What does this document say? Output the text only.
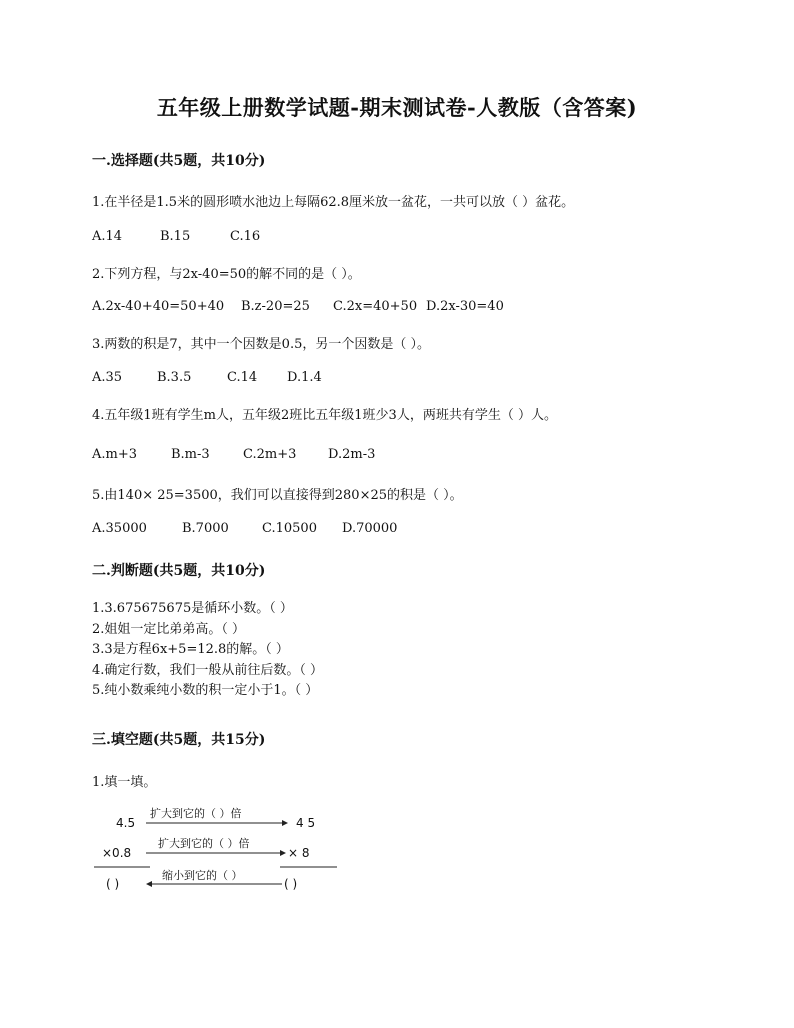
五年级上册数学试题-期末测试卷-人教版（含答案)
一.选择题(共5题，共10分)
1.在半径是1.5米的圆形喷水池边上每隔62.8厘米放一盆花，一共可以放（ ）盆花。
A.14	B.15	C.16
2.下列方程，与2x-40=50的解不同的是（ ）。
A.2x-40+40=50+40 B.z-20=25 C.2x=40+50 D.2x-30=40
3.两数的积是7，其中一个因数是0.5，另一个因数是（ ）。
A.35	B.3.5	C.14 D.1.4
4.五年级1班有学生m人，五年级2班比五年级1班少3人，两班共有学生（ ）人。
A.m+3	B.m-3	C.2m+3 D.2m-3
5.由140× 25=3500，我们可以直接得到280×25的积是（ ）。
A.35000	B.7000	C.10500 D.70000
二.判断题(共5题，共10分)
1.3.675675675是循环小数。（ ）
2.姐姐一定比弟弟高。（ ）
3.3是方程6x+5=12.8的解。（ ）
4.确定行数，我们一般从前往后数。（ ）
5.纯小数乘纯小数的积一定小于1。（ ）
三.填空题(共5题，共15分)
1.填一填。
4.5
扩大到它的（ ）倍
4 5
×0.8
扩大到它的（ ）倍
× 8
缩小到它的（ ）
( )	( )
